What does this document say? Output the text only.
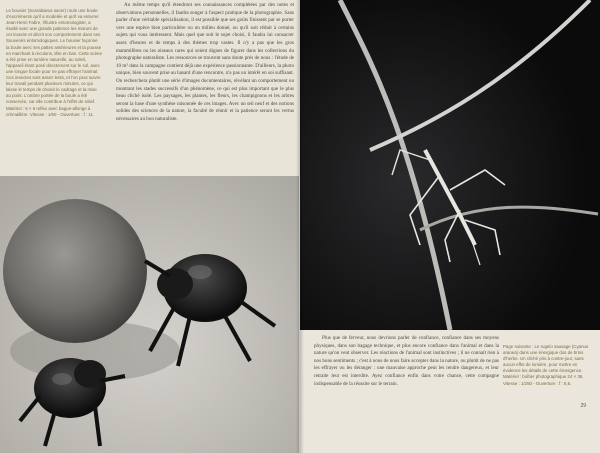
Le bousier (Scarabaeus sacer) roule une boule d'excréments qu'il a modelée et qu'il va enterrer. Jean-Henri Fabre, l'illustre entomologiste, a étudié avec une grande patience les mœurs de cet insecte et décrit son comportement dans ses Souvenirs entomologiques. Le bousier façonne la boule avec ses pattes antérieures et la pousse en marchant à reculons, tête en bas. Cette scène a été prise en lumière naturelle, au soleil, l'appareil étant posé directement sur le sol, avec une longue focale pour ne pas effrayer l'animal. Ces insectes sont assez lents, et l'on peut suivre leur travail pendant plusieurs minutes, ce qui laisse le temps de choisir le cadrage et la mise au point. L'ombre portée de la boule a été conservée, car elle contribue à l'effet de relief. Matériel : 6 × 6 reflex avec bague-allonge à crémaillère. Vitesse : 1/60 - Ouverture : f : 11.

Au même temps qu'il étendront ses connaissances complétées par des notes et observations personnelles, il faudra songer à l'aspect pratique de la photographie. Sans parler d'une véritable spécialisation, il est possible que ses goûts finissent par se porter vers une espèce bien particulière ou un milieu donné, ou qu'il soit réduit à certains sujets qui vous intéressent. Mais quel que soit le sujet choisi, il faudra lui consacrer assez d'heures et de temps à des thèmes trop vastes. Il n'y a pas que les gros mammifères ou les oiseaux rares qui soient dignes de figurer dans les collections du photographe naturaliste. Les ressources se trouvent sans doute près de nous : l'étude de 10 m² dans la campagne contient déjà une expérience passionnante. D'ailleurs, la photo unique, bien souvent prise au hasard d'une rencontre, n'a pas un intérêt en soi suffisant. On recherchera plutôt une série d'images documentaires, révélant un comportement ou montrant les stades successifs d'un phénomène, ce qui est plus important que le plus beau cliché isolé. Les paysages, les plantes, les fleurs, les champignons et les arbres seront la base d'une synthèse raisonnée de ces images. Avec un œil neuf et des notions solides des sciences de la nature, la faculté de réunir et la patience seront les vertus nécessaires au bon naturaliste.

Plus que de ferveur, nous devrions parler de confiance, confiance dans ses moyens physiques, dans son bagage technique, et plus encore confiance dans l'animal et dans la nature qu'on veut observer. Les réactions de l'animal sont instinctives ; il ne connaît rien à nos bons sentiments ; c'est à nous de nous faire accepter dans la nature, ou plutôt de ne pas les effrayer ou les déranger : une mauvaise approche peut les rendre dangereux, et leur retraite leur est interdite. Ayez confiance enfin dans votre chance, cette compagne indispensable de la réussite sur le terrain.

Page suivante : Le rugelo sauvage (Cyanus aranea) dans une énergique dos de brins d'herbe. Un cliché pris à contre-jour, sans aucun effet de lumière, pour mettre en évidence les détails de cette émergence. Matériel : boîtier photographique 24 × 36. Vitesse : 1/250 - Ouverture : f : 5,6.

29
